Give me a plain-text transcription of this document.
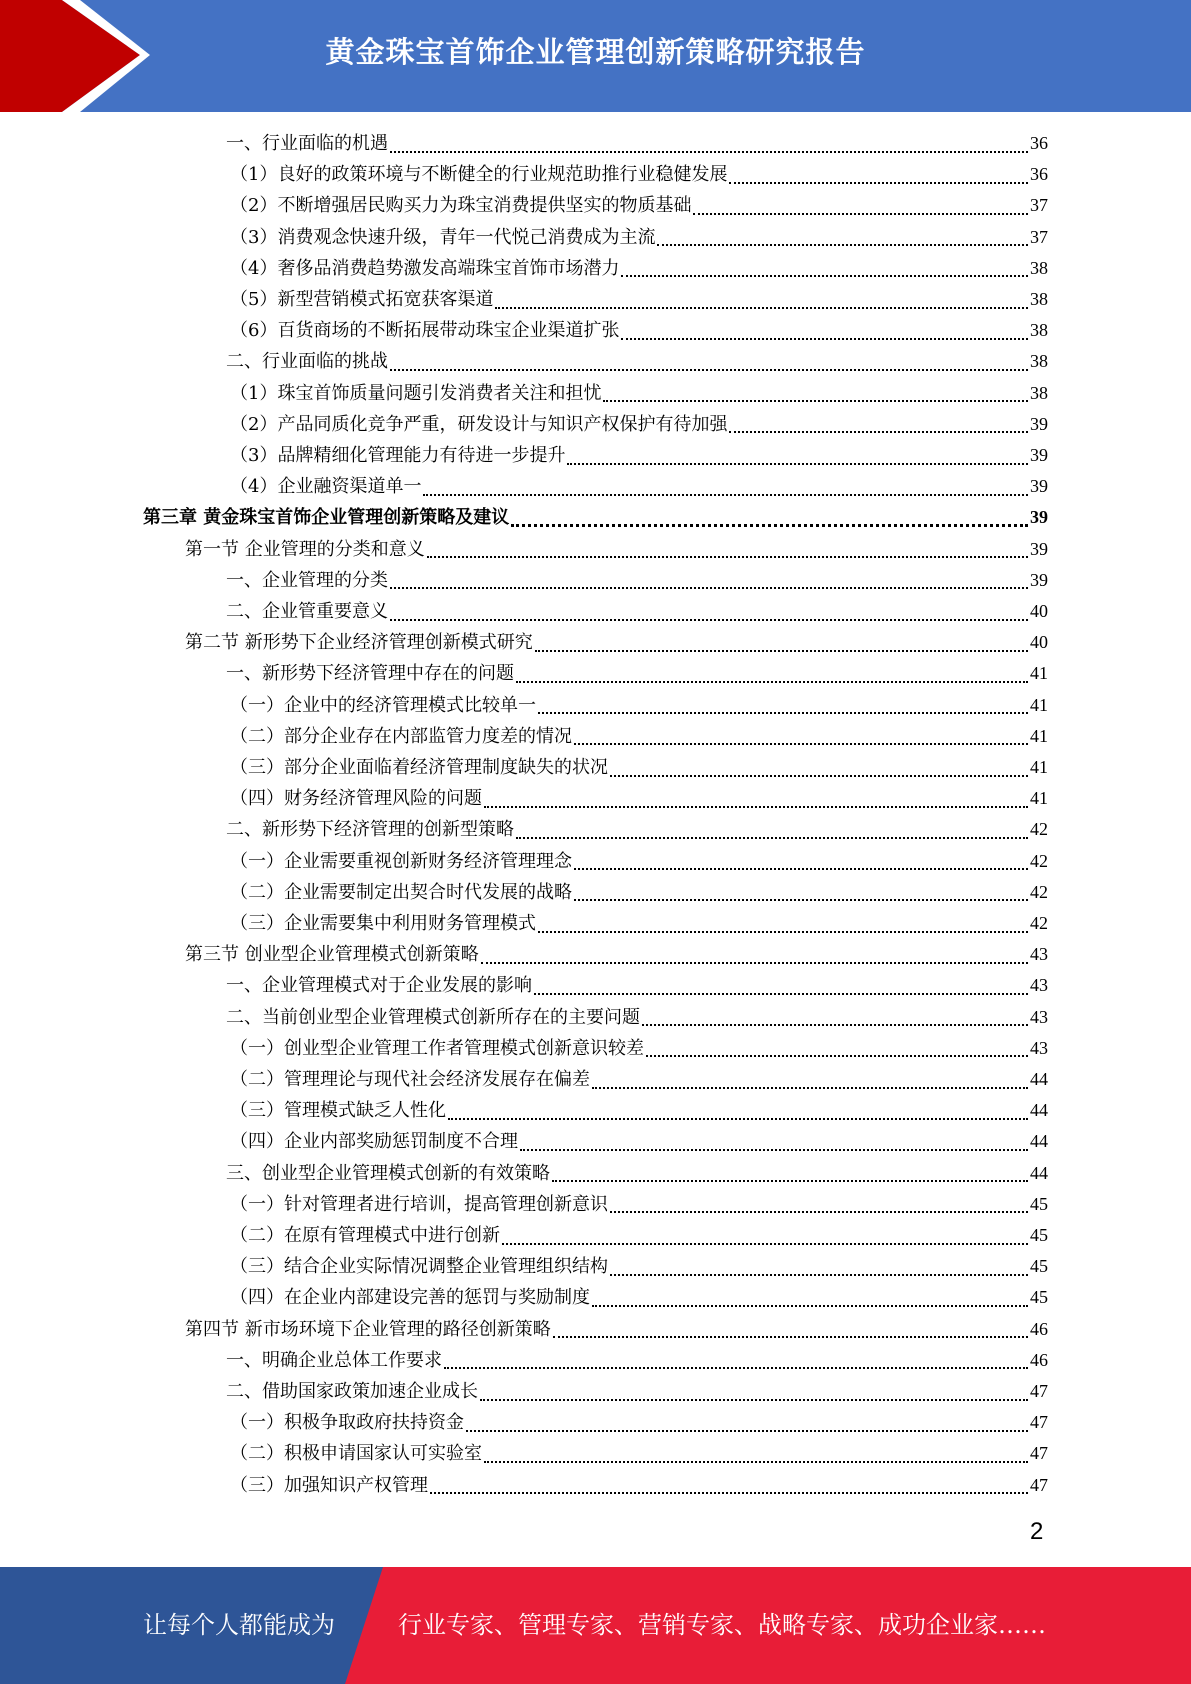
黄金珠宝首饰企业管理创新策略研究报告
一、行业面临的机遇	36
（1）良好的政策环境与不断健全的行业规范助推行业稳健发展	36
（2）不断增强居民购买力为珠宝消费提供坚实的物质基础	37
（3）消费观念快速升级，青年一代悦己消费成为主流	37
（4）奢侈品消费趋势激发高端珠宝首饰市场潜力	38
（5）新型营销模式拓宽获客渠道	38
（6）百货商场的不断拓展带动珠宝企业渠道扩张	38
二、行业面临的挑战	38
（1）珠宝首饰质量问题引发消费者关注和担忧	38
（2）产品同质化竞争严重，研发设计与知识产权保护有待加强	39
（3）品牌精细化管理能力有待进一步提升	39
（4）企业融资渠道单一	39
第三章 黄金珠宝首饰企业管理创新策略及建议	39
第一节 企业管理的分类和意义	39
一、企业管理的分类	39
二、企业管重要意义	40
第二节 新形势下企业经济管理创新模式研究	40
一、新形势下经济管理中存在的问题	41
（一）企业中的经济管理模式比较单一	41
（二）部分企业存在内部监管力度差的情况	41
（三）部分企业面临着经济管理制度缺失的状况	41
（四）财务经济管理风险的问题	41
二、新形势下经济管理的创新型策略	42
（一）企业需要重视创新财务经济管理理念	42
（二）企业需要制定出契合时代发展的战略	42
（三）企业需要集中利用财务管理模式	42
第三节 创业型企业管理模式创新策略	43
一、企业管理模式对于企业发展的影响	43
二、当前创业型企业管理模式创新所存在的主要问题	43
（一）创业型企业管理工作者管理模式创新意识较差	43
（二）管理理论与现代社会经济发展存在偏差	44
（三）管理模式缺乏人性化	44
（四）企业内部奖励惩罚制度不合理	44
三、创业型企业管理模式创新的有效策略	44
（一）针对管理者进行培训，提高管理创新意识	45
（二）在原有管理模式中进行创新	45
（三）结合企业实际情况调整企业管理组织结构	45
（四）在企业内部建设完善的惩罚与奖励制度	45
第四节 新市场环境下企业管理的路径创新策略	46
一、明确企业总体工作要求	46
二、借助国家政策加速企业成长	47
（一）积极争取政府扶持资金	47
（二）积极申请国家认可实验室	47
（三）加强知识产权管理	47
2
让每个人都能成为	行业专家、管理专家、营销专家、战略专家、成功企业家……
